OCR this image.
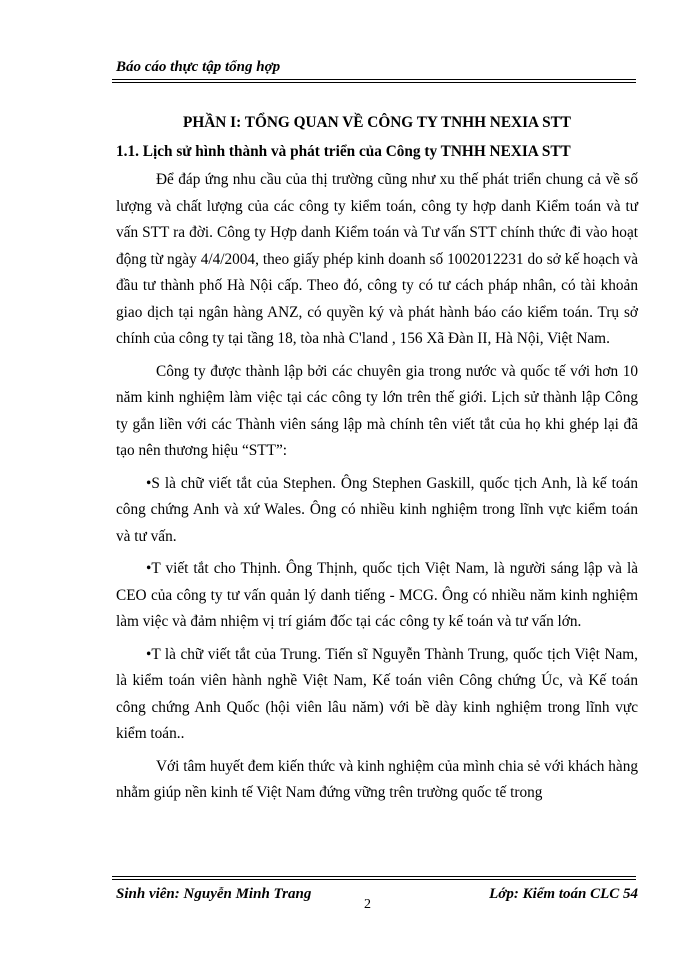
Báo cáo thực tập tổng hợp

PHẦN I: TỔNG QUAN VỀ CÔNG TY TNHH NEXIA STT

1.1. Lịch sử hình thành và phát triển của Công ty TNHH NEXIA STT

Để đáp ứng nhu cầu của thị trường cũng như xu thế phát triển chung cả về số lượng và chất lượng của các công ty kiểm toán, công ty hợp danh Kiểm toán và tư vấn STT ra đời. Công ty Hợp danh Kiểm toán và Tư vấn STT chính thức đi vào hoạt động từ ngày 4/4/2004, theo giấy phép kinh doanh số 1002012231 do sở kế hoạch và đầu tư thành phố Hà Nội cấp. Theo đó, công ty có tư cách pháp nhân, có tài khoản giao dịch tại ngân hàng ANZ, có quyền ký và phát hành báo cáo kiểm toán. Trụ sở chính của công ty tại tầng 18, tòa nhà C'land , 156 Xã Đàn II, Hà Nội, Việt Nam.

Công ty được thành lập bởi các chuyên gia trong nước và quốc tế với hơn 10 năm kinh nghiệm làm việc tại các công ty lớn trên thế giới. Lịch sử thành lập Công ty gắn liền với các Thành viên sáng lập mà chính tên viết tắt của họ khi ghép lại đã tạo nên thương hiệu “STT”:

•S là chữ viết tắt của Stephen. Ông Stephen Gaskill, quốc tịch Anh, là kế toán công chứng Anh và xứ Wales. Ông có nhiều kinh nghiệm trong lĩnh vực kiểm toán và tư vấn.

•T viết tắt cho Thịnh. Ông Thịnh, quốc tịch Việt Nam, là người sáng lập và là CEO của công ty tư vấn quản lý danh tiếng - MCG. Ông có nhiều năm kinh nghiệm làm việc và đảm nhiệm vị trí giám đốc tại các công ty kế toán và tư vấn lớn.

•T là chữ viết tắt của Trung. Tiến sĩ Nguyễn Thành Trung, quốc tịch Việt Nam, là kiểm toán viên hành nghề Việt Nam, Kế toán viên Công chứng Úc, và Kế toán công chứng Anh Quốc (hội viên lâu năm) với bề dày kinh nghiệm trong lĩnh vực kiểm toán..

Với tâm huyết đem kiến thức và kinh nghiệm của mình chia sẻ với khách hàng nhằm giúp nền kinh tế Việt Nam đứng vững trên trường quốc tế trong

Sinh viên: Nguyễn Minh Trang
2
Lớp: Kiểm toán CLC 54
